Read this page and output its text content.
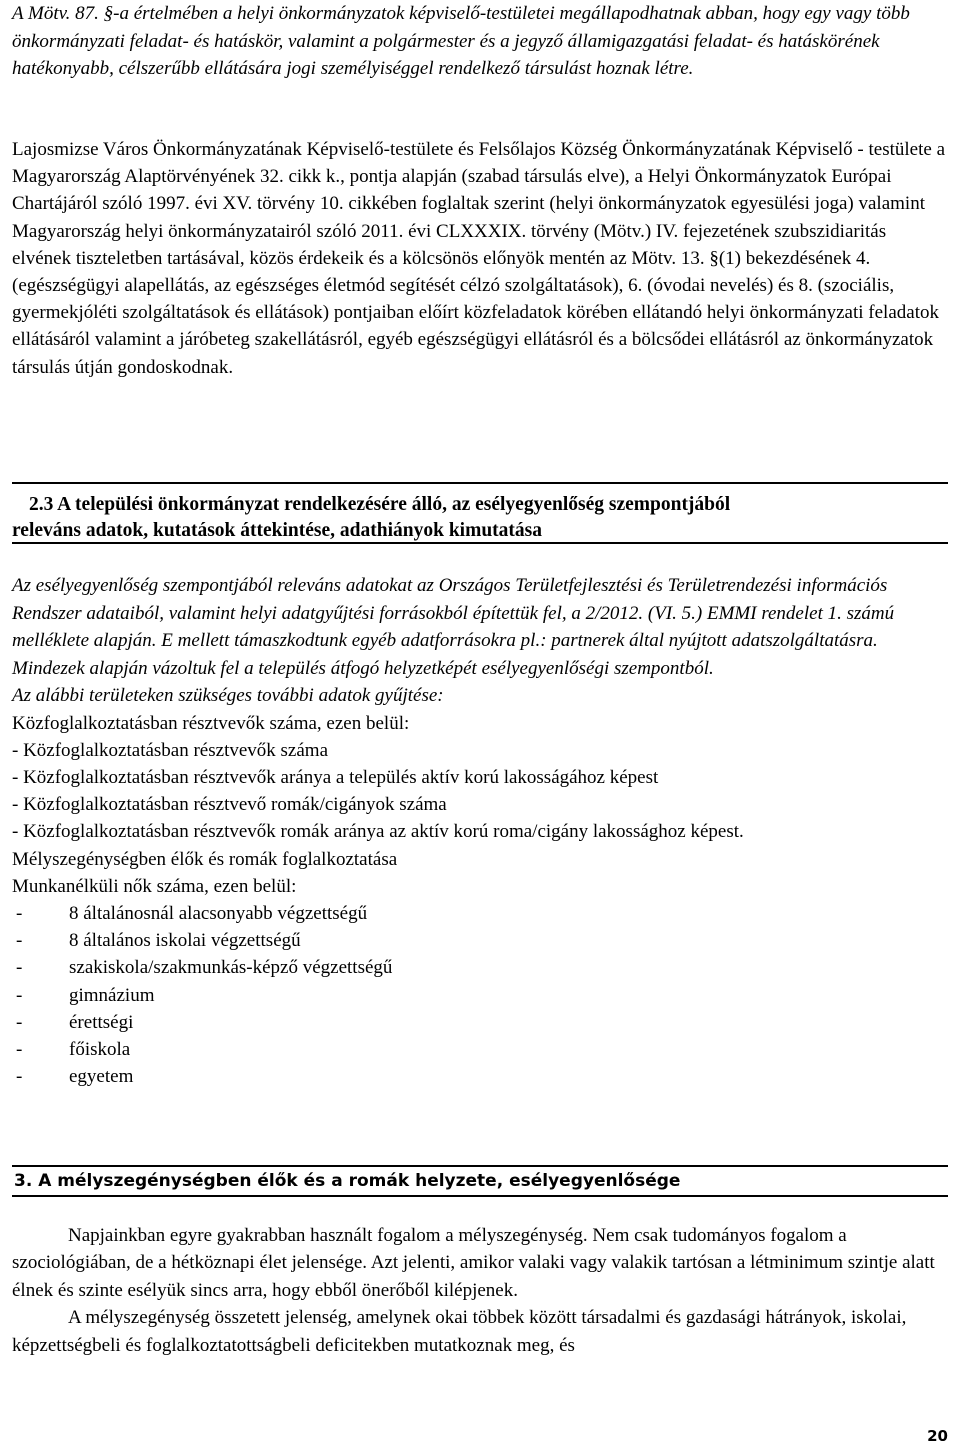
A Mötv. 87. §-a értelmében a helyi önkormányzatok képviselő-testületei megállapodhatnak abban, hogy egy vagy több önkormányzati feladat- és hatáskör, valamint a polgármester és a jegyző államigazgatási feladat- és hatáskörének hatékonyabb, célszerűbb ellátására jogi személyiséggel rendelkező társulást hoznak létre.

Lajosmizse Város Önkormányzatának Képviselő-testülete és Felsőlajos Község Önkormányzatának Képviselő - testülete a Magyarország Alaptörvényének 32. cikk k., pontja alapján (szabad társulás elve), a Helyi Önkormányzatok Európai Chartájáról szóló 1997. évi XV. törvény 10. cikkében foglaltak szerint (helyi önkormányzatok egyesülési joga) valamint Magyarország helyi önkormányzatairól szóló 2011. évi CLXXXIX. törvény (Mötv.) IV. fejezetének szubszidiaritás elvének tiszteletben tartásával, közös érdekeik és a kölcsönös előnyök mentén az Mötv. 13. §(1) bekezdésének 4. (egészségügyi alapellátás, az egészséges életmód segítését célzó szolgáltatások), 6. (óvodai nevelés) és 8. (szociális, gyermekjóléti szolgáltatások és ellátások) pontjaiban előírt közfeladatok körében ellátandó helyi önkormányzati feladatok ellátásáról valamint a járóbeteg szakellátásról, egyéb egészségügyi ellátásról és a bölcsődei ellátásról az önkormányzatok társulás útján gondoskodnak.

2.3 A települési önkormányzat rendelkezésére álló, az esélyegyenlőség szempontjából
releváns adatok, kutatások áttekintése, adathiányok kimutatása

Az esélyegyenlőség szempontjából releváns adatokat az Országos Területfejlesztési és Területrendezési információs Rendszer adataiból, valamint helyi adatgyűjtési forrásokból építettük fel, a 2/2012. (VI. 5.) EMMI rendelet 1. számú melléklete alapján. E mellett támaszkodtunk egyéb adatforrásokra pl.: partnerek által nyújtott adatszolgáltatásra. Mindezek alapján vázoltuk fel a település átfogó helyzetképét esélyegyenlőségi szempontból.

Az alábbi területeken szükséges további adatok gyűjtése:

Közfoglalkoztatásban résztvevők száma, ezen belül:
- Közfoglalkoztatásban résztvevők száma
- Közfoglalkoztatásban résztvevők aránya a település aktív korú lakosságához képest
- Közfoglalkoztatásban résztvevő romák/cigányok száma
- Közfoglalkoztatásban résztvevők romák aránya az aktív korú roma/cigány lakossághoz képest.
Mélyszegénységben élők és romák foglalkoztatása
Munkanélküli nők száma, ezen belül:
- 8 általánosnál alacsonyabb végzettségű
- 8 általános iskolai végzettségű
- szakiskola/szakmunkás-képző végzettségű
- gimnázium
- érettségi
- főiskola
- egyetem
3. A mélyszegénységben élők és a romák helyzete, esélyegyenlősége

Napjainkban egyre gyakrabban használt fogalom a mélyszegénység. Nem csak tudományos fogalom a szociológiában, de a hétköznapi élet jelensége. Azt jelenti, amikor valaki vagy valakik tartósan a létminimum szintje alatt élnek és szinte esélyük sincs arra, hogy ebből önerőből kilépjenek.

A mélyszegénység összetett jelenség, amelynek okai többek között társadalmi és gazdasági hátrányok, iskolai, képzettségbeli és foglalkoztatottságbeli deficitekben mutatkoznak meg, és

20
